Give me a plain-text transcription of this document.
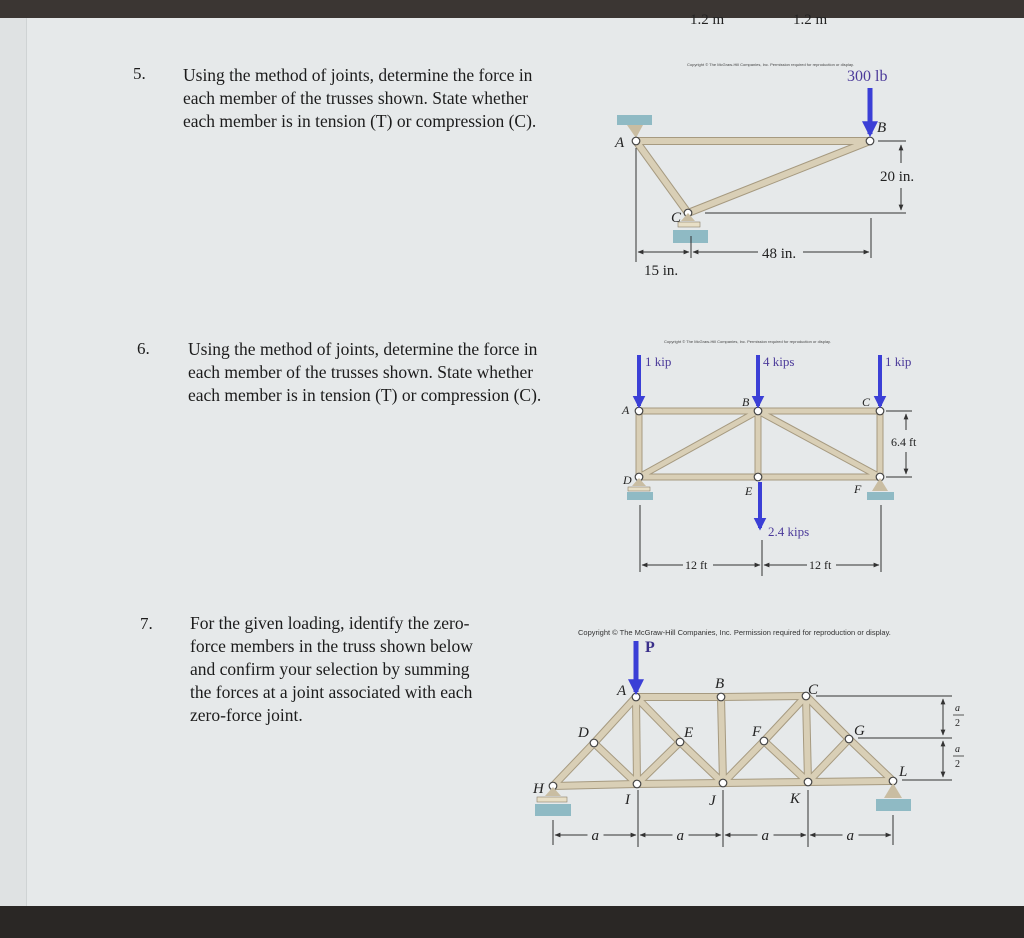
5. Using the method of joints, determine the force in
each member of the trusses shown. State whether
each member is in tension (T) or compression (C).
6. Using the method of joints, determine the force in
each member of the trusses shown. State whether
each member is in tension (T) or compression (C).
7. For the given loading, identify the zero-
force members in the truss shown below
and confirm your selection by summing
the forces at a joint associated with each
zero-force joint.
1.2 m	1.2 m
Copyright © The McGraw-Hill Companies, Inc. Permission required for reproduction or display.
300 lb
A
B
C
20 in.
48 in.
15 in.
Copyright © The McGraw-Hill Companies, Inc. Permission required for reproduction or display.
1 kip	4 kips	1 kip
2.4 kips
A
B	C
D
E	F
6.4 ft
12 ft	12 ft
Copyright © The McGraw-Hill Companies, Inc. Permission required for reproduction or display.
P
A	B	C
D	E	F	G
H
I	J	K
L
a
2
a
2
a	a	a	a
